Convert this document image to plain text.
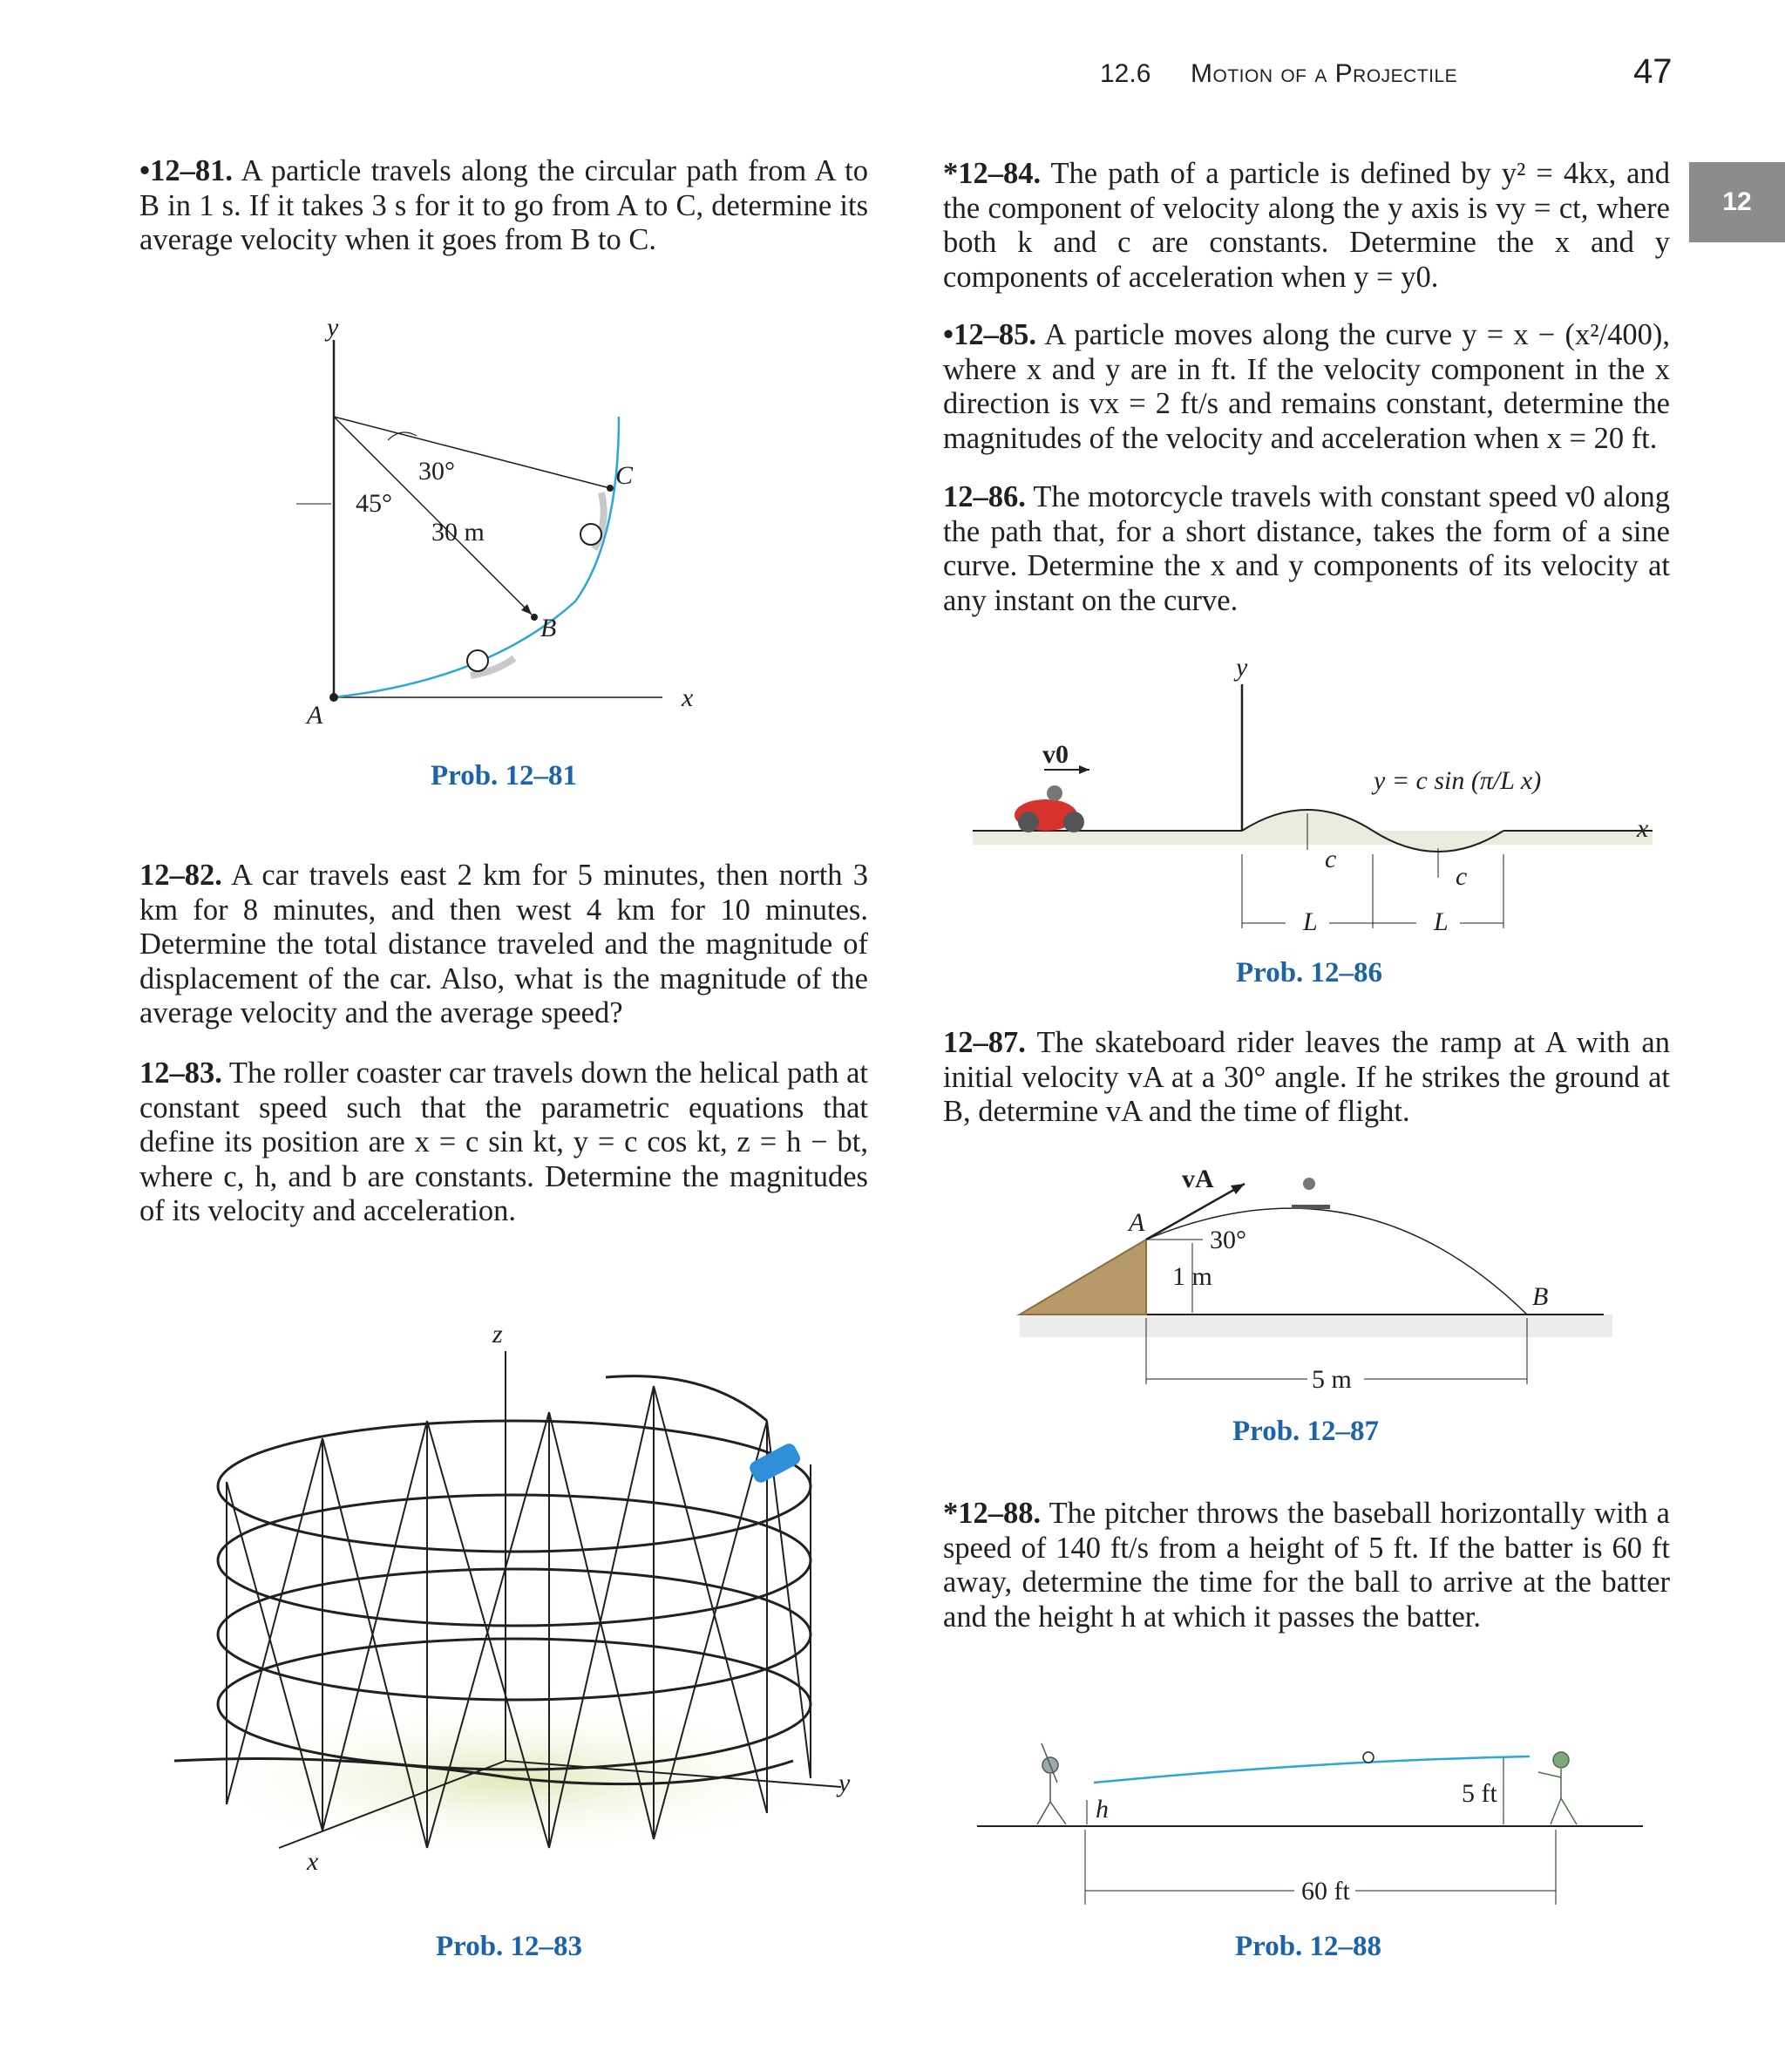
12.6 Motion of a Projectile	47
12
•12–81. A particle travels along the circular path from A to B in 1 s. If it takes 3 s for it to go from A to C, determine its average velocity when it goes from B to C.
y
x
A
B
C
30°
45°
30 m
Prob. 12–81
12–82. A car travels east 2 km for 5 minutes, then north 3 km for 8 minutes, and then west 4 km for 10 minutes. Determine the total distance traveled and the magnitude of displacement of the car. Also, what is the magnitude of the average velocity and the average speed?
12–83. The roller coaster car travels down the helical path at constant speed such that the parametric equations that define its position are x = c sin kt, y = c cos kt, z = h − bt, where c, h, and b are constants. Determine the magnitudes of its velocity and acceleration.
z
y
x
Prob. 12–83
*12–84. The path of a particle is defined by y² = 4kx, and the component of velocity along the y axis is vy = ct, where both k and c are constants. Determine the x and y components of acceleration when y = y0.
•12–85. A particle moves along the curve y = x − (x²/400), where x and y are in ft. If the velocity component in the x direction is vx = 2 ft/s and remains constant, determine the magnitudes of the velocity and acceleration when x = 20 ft.
12–86. The motorcycle travels with constant speed v0 along the path that, for a short distance, takes the form of a sine curve. Determine the x and y components of its velocity at any instant on the curve.
y
x
v0
c
c
L	L
y = c sin (π/L x)
Prob. 12–86
12–87. The skateboard rider leaves the ramp at A with an initial velocity vA at a 30° angle. If he strikes the ground at B, determine vA and the time of flight.
vA
A
B
30°
1 m
5 m
Prob. 12–87
*12–88. The pitcher throws the baseball horizontally with a speed of 140 ft/s from a height of 5 ft. If the batter is 60 ft away, determine the time for the ball to arrive at the batter and the height h at which it passes the batter.
h
5 ft
60 ft
Prob. 12–88
